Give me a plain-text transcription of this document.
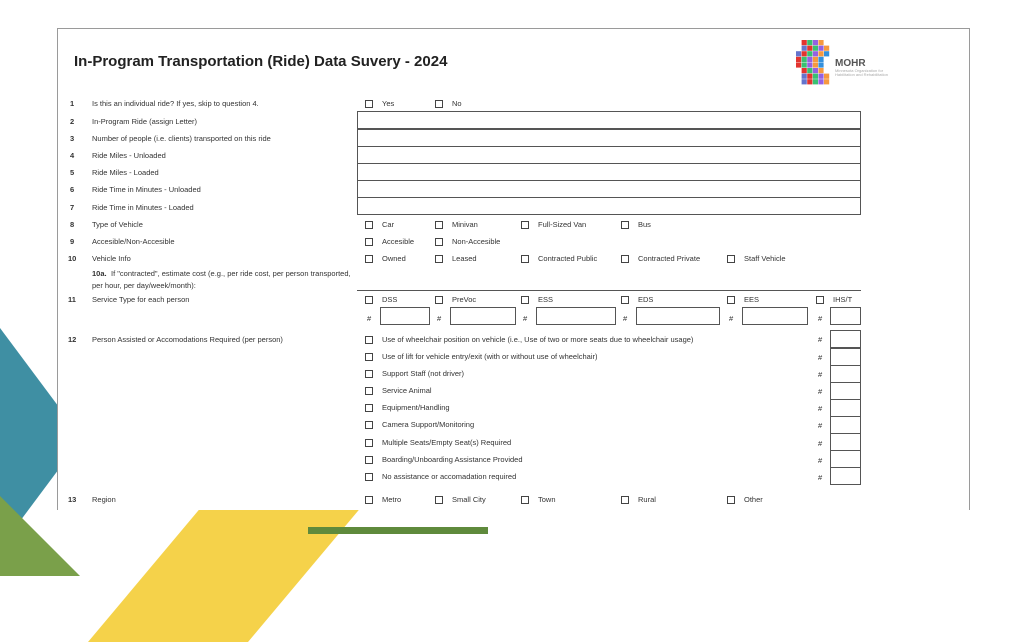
In-Program Transportation (Ride) Data Suvery - 2024	MOHR
Minnesota Organization for Habilitation and Rehabilitation
1 Is this an individual ride? If yes, skip to question 4.	Yes	No
2 In-Program Ride (assign Letter)
3 Number of people (i.e. clients) transported on this ride
4 Ride Miles - Unloaded
5 Ride Miles - Loaded
6 Ride Time in Minutes - Unloaded
7 Ride Time in Minutes - Loaded
8 Type of Vehicle	Car	Minivan	Full-Sized Van	Bus
9 Accesible/Non-Accesible	Accesible	Non-Accesible
10 Vehicle Info	Owned	Leased	Contracted Public	Contracted Private	Staff Vehicle
10a. If "contracted", estimate cost (e.g., per ride cost, per person transported, per hour, per day/week/month):
11 Service Type for each person	DSS	PreVoc	ESS	EDS	EES	IHS/T
#	#	#	#	#	#
12 Person Assisted or Accomodations Required (per person)	Use of wheelchair position on vehicle (i.e., Use of two or more seats due to wheelchair usage)	#
Use of lift for vehicle entry/exit (with or without use of wheelchair)	#
Support Staff (not driver)	#
Service Animal	#
Equipment/Handling	#
Camera Support/Monitoring	#
Multiple Seats/Empty Seat(s) Required	#
Boarding/Unboarding Assistance Provided	#
No assistance or accomadation required	#
13 Region	Metro	Small City	Town	Rural	Other
